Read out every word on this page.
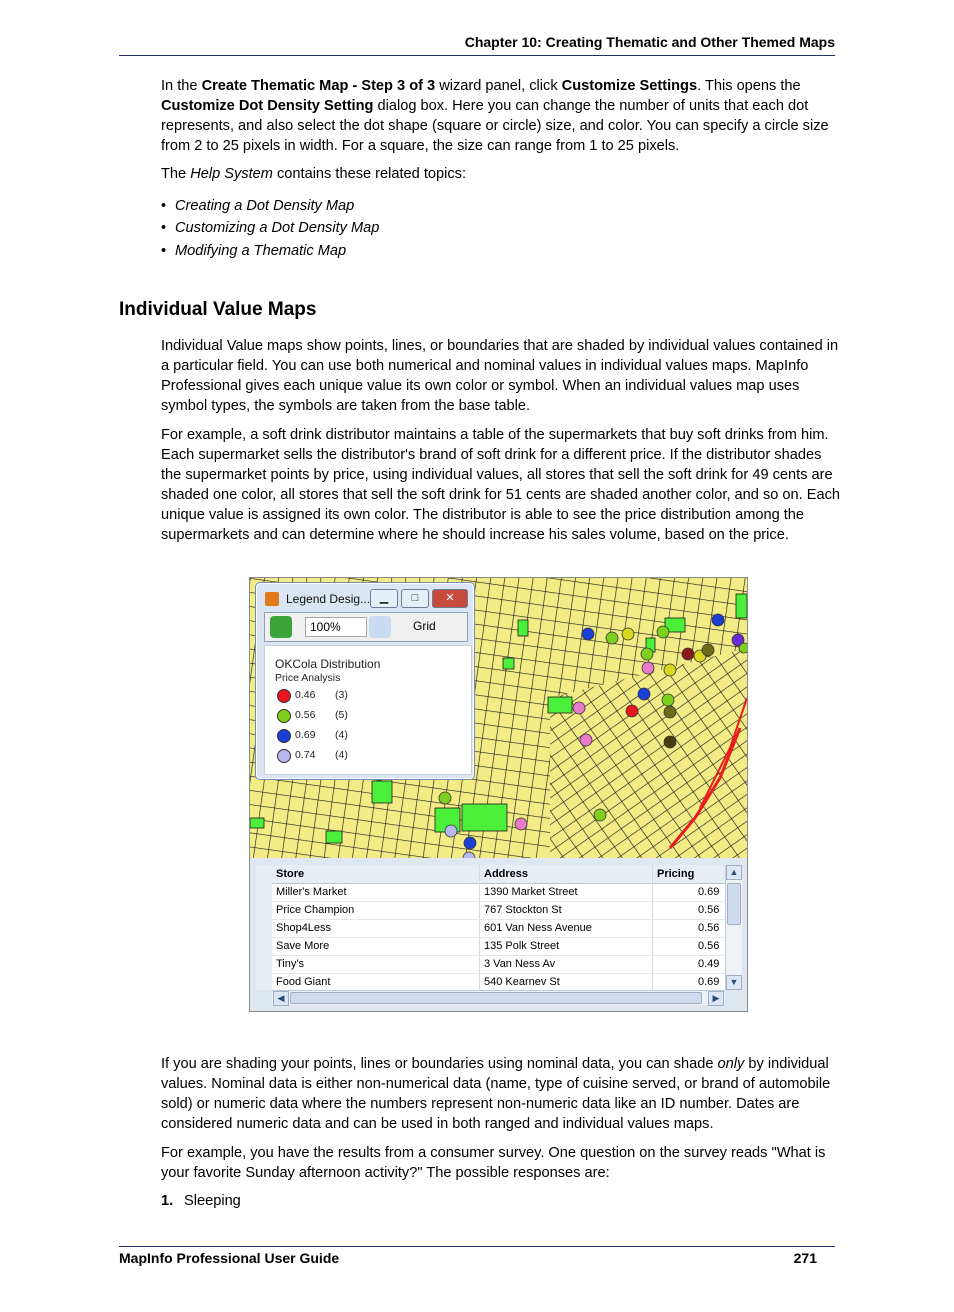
Chapter 10: Creating Thematic and Other Themed Maps

In the Create Thematic Map - Step 3 of 3 wizard panel, click Customize Settings. This opens the Customize Dot Density Setting dialog box. Here you can change the number of units that each dot represents, and also select the dot shape (square or circle) size, and color. You can specify a circle size from 2 to 25 pixels in width. For a square, the size can range from 1 to 25 pixels.

The Help System contains these related topics:

• Creating a Dot Density Map
• Customizing a Dot Density Map
• Modifying a Thematic Map
Individual Value Maps

Individual Value maps show points, lines, or boundaries that are shaded by individual values contained in a particular field. You can use both numerical and nominal values in individual values maps. MapInfo Professional gives each unique value its own color or symbol. When an individual values map uses symbol types, the symbols are taken from the base table.

For example, a soft drink distributor maintains a table of the supermarkets that buy soft drinks from him. Each supermarket sells the distributor's brand of soft drink for a different price. If the distributor shades the supermarket points by price, using individual values, all stores that sell the soft drink for 49 cents are shaded one color, all stores that sell the soft drink for 51 cents are shaded another color, and so on. Each unique value is assigned its own color. The distributor is able to see the price distribution among the supermarkets and can determine where he should increase his sales volume, based on the price.

Legend Desig... ▁	□	✕
100%	Grid
OKCola Distribution
Price Analysis
0.46 (3)
0.56 (5)
0.69 (4)
0.74 (4)
Store	Address	Pricing
Miller's Market	1390 Market Street	0.69
Price Champion	767 Stockton St	0.56
Shop4Less	601 Van Ness Avenue	0.56
Save More	135 Polk Street	0.56
Tiny's	3 Van Ness Av	0.49
Food Giant	540 Kearnev St	0.69
▲
▼
◀	▶

If you are shading your points, lines or boundaries using nominal data, you can shade only by individual values. Nominal data is either non-numerical data (name, type of cuisine served, or brand of automobile sold) or numeric data where the numbers represent non-numeric data like an ID number. Dates are considered numeric data and can be used in both ranged and individual values maps.

For example, you have the results from a consumer survey. One question on the survey reads "What is your favorite Sunday afternoon activity?" The possible responses are:

1. Sleeping
MapInfo Professional User Guide	271
